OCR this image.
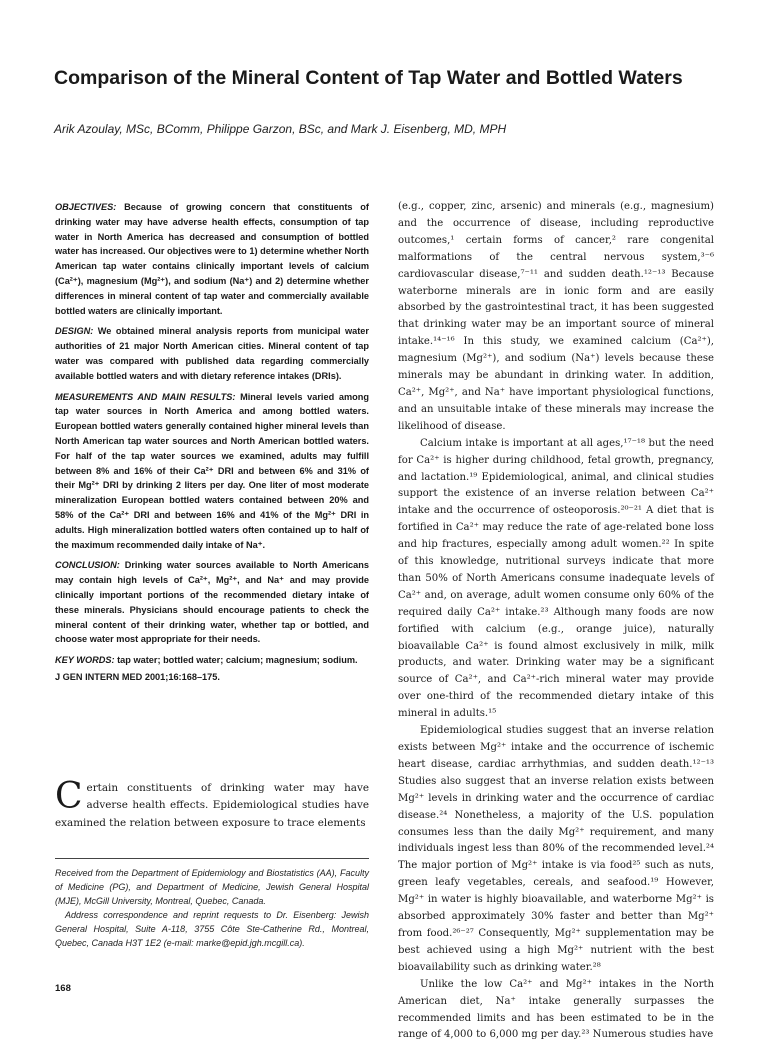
Comparison of the Mineral Content of Tap Water and Bottled Waters

Arik Azoulay, MSc, BComm, Philippe Garzon, BSc, and Mark J. Eisenberg, MD, MPH

OBJECTIVES: Because of growing concern that constituents of drinking water may have adverse health effects, consumption of tap water in North America has decreased and consumption of bottled water has increased. Our objectives were to 1) determine whether North American tap water contains clinically important levels of calcium (Ca²⁺), magnesium (Mg²⁺), and sodium (Na⁺) and 2) determine whether differences in mineral content of tap water and commercially available bottled waters are clinically important.

DESIGN: We obtained mineral analysis reports from municipal water authorities of 21 major North American cities. Mineral content of tap water was compared with published data regarding commercially available bottled waters and with dietary reference intakes (DRIs).

MEASUREMENTS AND MAIN RESULTS: Mineral levels varied among tap water sources in North America and among bottled waters. European bottled waters generally contained higher mineral levels than North American tap water sources and North American bottled waters. For half of the tap water sources we examined, adults may fulfill between 8% and 16% of their Ca²⁺ DRI and between 6% and 31% of their Mg²⁺ DRI by drinking 2 liters per day. One liter of most moderate mineralization European bottled waters contained between 20% and 58% of the Ca²⁺ DRI and between 16% and 41% of the Mg²⁺ DRI in adults. High mineralization bottled waters often contained up to half of the maximum recommended daily intake of Na⁺.

CONCLUSION: Drinking water sources available to North Americans may contain high levels of Ca²⁺, Mg²⁺, and Na⁺ and may provide clinically important portions of the recommended dietary intake of these minerals. Physicians should encourage patients to check the mineral content of their drinking water, whether tap or bottled, and choose water most appropriate for their needs.

KEY WORDS: tap water; bottled water; calcium; magnesium; sodium.

J GEN INTERN MED 2001;16:168–175.

Certain constituents of drinking water may have adverse health effects. Epidemiological studies have examined the relation between exposure to trace elements

Received from the Department of Epidemiology and Biostatistics (AA), Faculty of Medicine (PG), and Department of Medicine, Jewish General Hospital (MJE), McGill University, Montreal, Quebec, Canada.

Address correspondence and reprint requests to Dr. Eisenberg: Jewish General Hospital, Suite A-118, 3755 Côte Ste-Catherine Rd., Montreal, Quebec, Canada H3T 1E2 (e-mail: marke@epid.jgh.mcgill.ca).

168

(e.g., copper, zinc, arsenic) and minerals (e.g., magnesium) and the occurrence of disease, including reproductive outcomes,¹ certain forms of cancer,² rare congenital malformations of the central nervous system,³⁻⁶ cardiovascular disease,⁷⁻¹¹ and sudden death.¹²⁻¹³ Because waterborne minerals are in ionic form and are easily absorbed by the gastrointestinal tract, it has been suggested that drinking water may be an important source of mineral intake.¹⁴⁻¹⁶ In this study, we examined calcium (Ca²⁺), magnesium (Mg²⁺), and sodium (Na⁺) levels because these minerals may be abundant in drinking water. In addition, Ca²⁺, Mg²⁺, and Na⁺ have important physiological functions, and an unsuitable intake of these minerals may increase the likelihood of disease.

Calcium intake is important at all ages,¹⁷⁻¹⁸ but the need for Ca²⁺ is higher during childhood, fetal growth, pregnancy, and lactation.¹⁹ Epidemiological, animal, and clinical studies support the existence of an inverse relation between Ca²⁺ intake and the occurrence of osteoporosis.²⁰⁻²¹ A diet that is fortified in Ca²⁺ may reduce the rate of age-related bone loss and hip fractures, especially among adult women.²² In spite of this knowledge, nutritional surveys indicate that more than 50% of North Americans consume inadequate levels of Ca²⁺ and, on average, adult women consume only 60% of the required daily Ca²⁺ intake.²³ Although many foods are now fortified with calcium (e.g., orange juice), naturally bioavailable Ca²⁺ is found almost exclusively in milk, milk products, and water. Drinking water may be a significant source of Ca²⁺, and Ca²⁺-rich mineral water may provide over one-third of the recommended dietary intake of this mineral in adults.¹⁵

Epidemiological studies suggest that an inverse relation exists between Mg²⁺ intake and the occurrence of ischemic heart disease, cardiac arrhythmias, and sudden death.¹²⁻¹³ Studies also suggest that an inverse relation exists between Mg²⁺ levels in drinking water and the occurrence of cardiac disease.²⁴ Nonetheless, a majority of the U.S. population consumes less than the daily Mg²⁺ requirement, and many individuals ingest less than 80% of the recommended level.²⁴ The major portion of Mg²⁺ intake is via food²⁵ such as nuts, green leafy vegetables, cereals, and seafood.¹⁹ However, Mg²⁺ in water is highly bioavailable, and waterborne Mg²⁺ is absorbed approximately 30% faster and better than Mg²⁺ from food.²⁶⁻²⁷ Consequently, Mg²⁺ supplementation may be best achieved using a high Mg²⁺ nutrient with the best bioavailability such as drinking water.²⁸

Unlike the low Ca²⁺ and Mg²⁺ intakes in the North American diet, Na⁺ intake generally surpasses the recommended limits and has been estimated to be in the range of 4,000 to 6,000 mg per day.²³ Numerous studies have
